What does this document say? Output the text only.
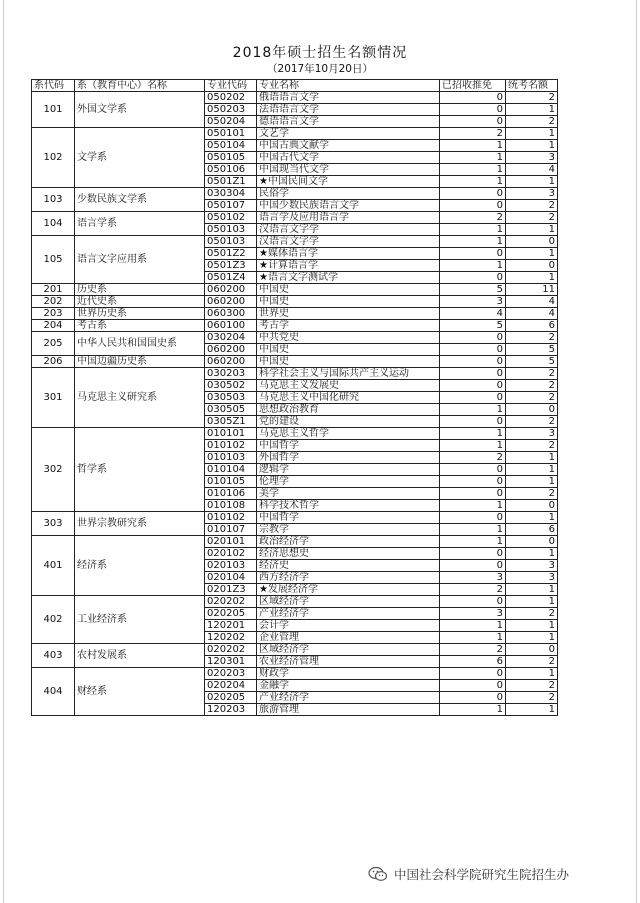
2018年硕士招生名额情况
（2017年10月20日）
系代码	系（教育中心）名称	专业代码	专业名称	已招收推免	统考名额
101	外国文学系	050202	俄语语言文学	0	2
		050203	法语语言文学	0	1
		050204	德语语言文学	0	2
102	文学系	050101	文艺学	2	1
		050104	中国古典文献学	1	1
		050105	中国古代文学	1	3
		050106	中国现当代文学	1	4
		0501Z1	★中国民间文学	1	1
103	少数民族文学系	030304	民俗学	0	3
		050107	中国少数民族语言文学	0	2
104	语言学系	050102	语言学及应用语言学	2	2
		050103	汉语言文字学	1	1
105	语言文字应用系	050103	汉语言文字学	1	0
		0501Z2	★媒体语言学	0	1
		0501Z3	★计算语言学	1	0
		0501Z4	★语言文字测试学	0	1
201	历史系	060200	中国史	5	11
202	近代史系	060200	中国史	3	4
203	世界历史系	060300	世界史	4	4
204	考古系	060100	考古学	5	6
205	中华人民共和国国史系	030204	中共党史	0	2
		060200	中国史	0	5
206	中国边疆历史系	060200	中国史	0	5
301	马克思主义研究系	030203	科学社会主义与国际共产主义运动	0	2
		030502	马克思主义发展史	0	2
		030503	马克思主义中国化研究	0	2
		030505	思想政治教育	1	0
		0305Z1	党的建设	0	2
302	哲学系	010101	马克思主义哲学	1	3
		010102	中国哲学	1	2
		010103	外国哲学	2	1
		010104	逻辑学	0	1
		010105	伦理学	0	1
		010106	美学	0	2
		010108	科学技术哲学	1	0
303	世界宗教研究系	010102	中国哲学	0	1
		010107	宗教学	1	6
401	经济系	020101	政治经济学	1	0
		020102	经济思想史	0	1
		020103	经济史	0	3
		020104	西方经济学	3	3
		0201Z3	★发展经济学	2	1
402	工业经济系	020202	区域经济学	0	1
		020205	产业经济学	3	2
		120201	会计学	1	1
		120202	企业管理	1	1
403	农村发展系	020202	区域经济学	2	0
		120301	农业经济管理	6	2
404	财经系	020203	财政学	0	1
		020204	金融学	0	2
		020205	产业经济学	0	2
		120203	旅游管理	1	1
中国社会科学院研究生院招生办
